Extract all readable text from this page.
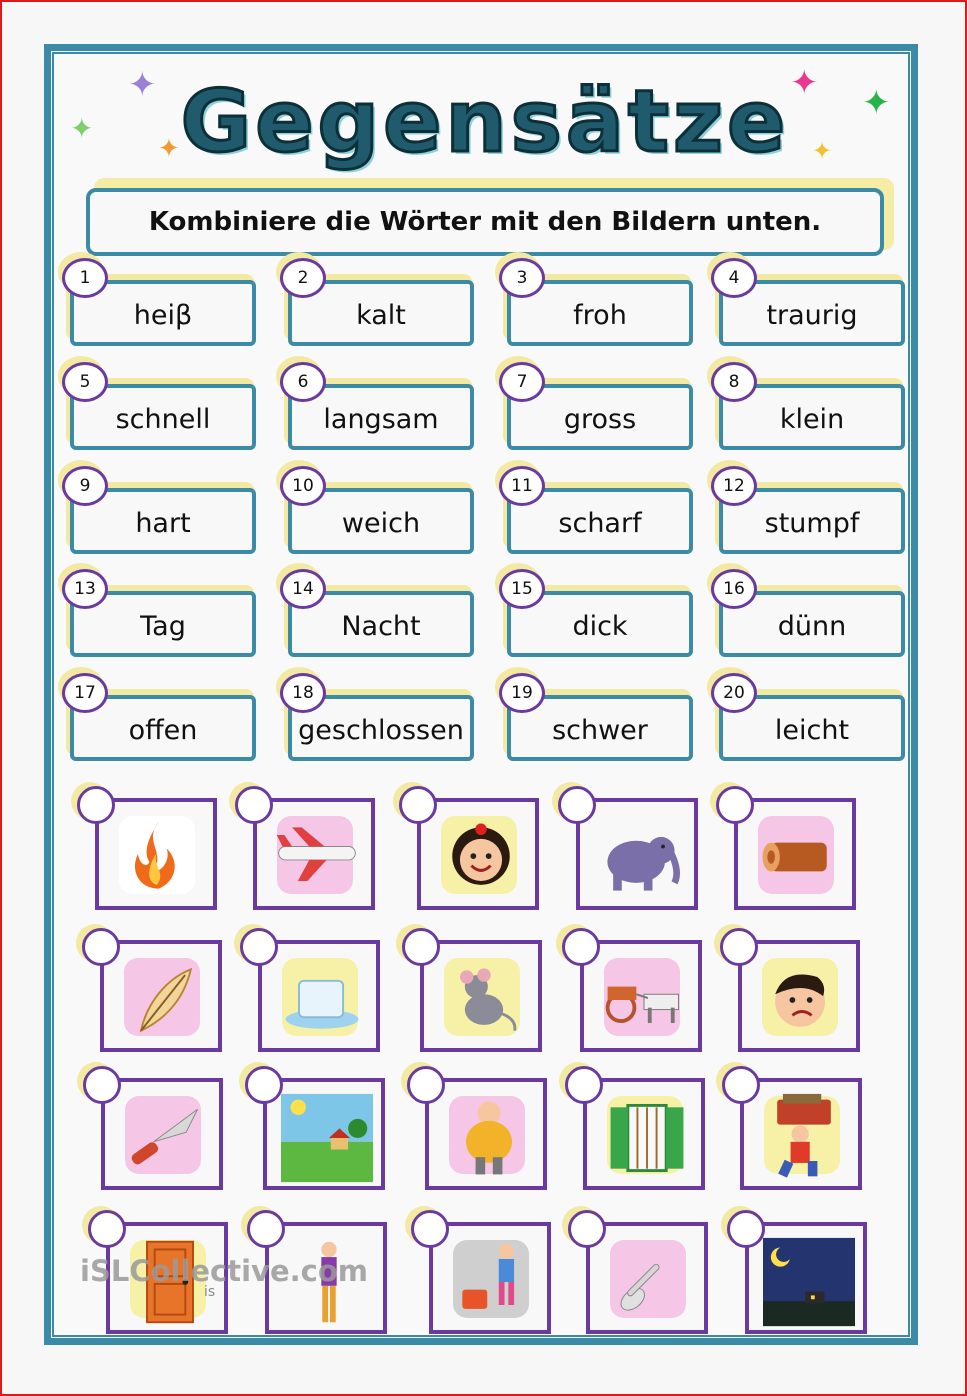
✦
✦
✦
✦ ✦
✦
Gegensätze
Kombiniere die Wörter mit den Bildern unten.
heiβ
1
kalt
2
froh
3
traurig
4
schnell
5
langsam
6
gross
7
klein
8
hart
9
weich
10
scharf
11
stumpf
12
Tag
13
Nacht
14
dick
15
dünn
16
offen
17
geschlossen
18
schwer
19
leicht
20
iSLCollective.com
is
